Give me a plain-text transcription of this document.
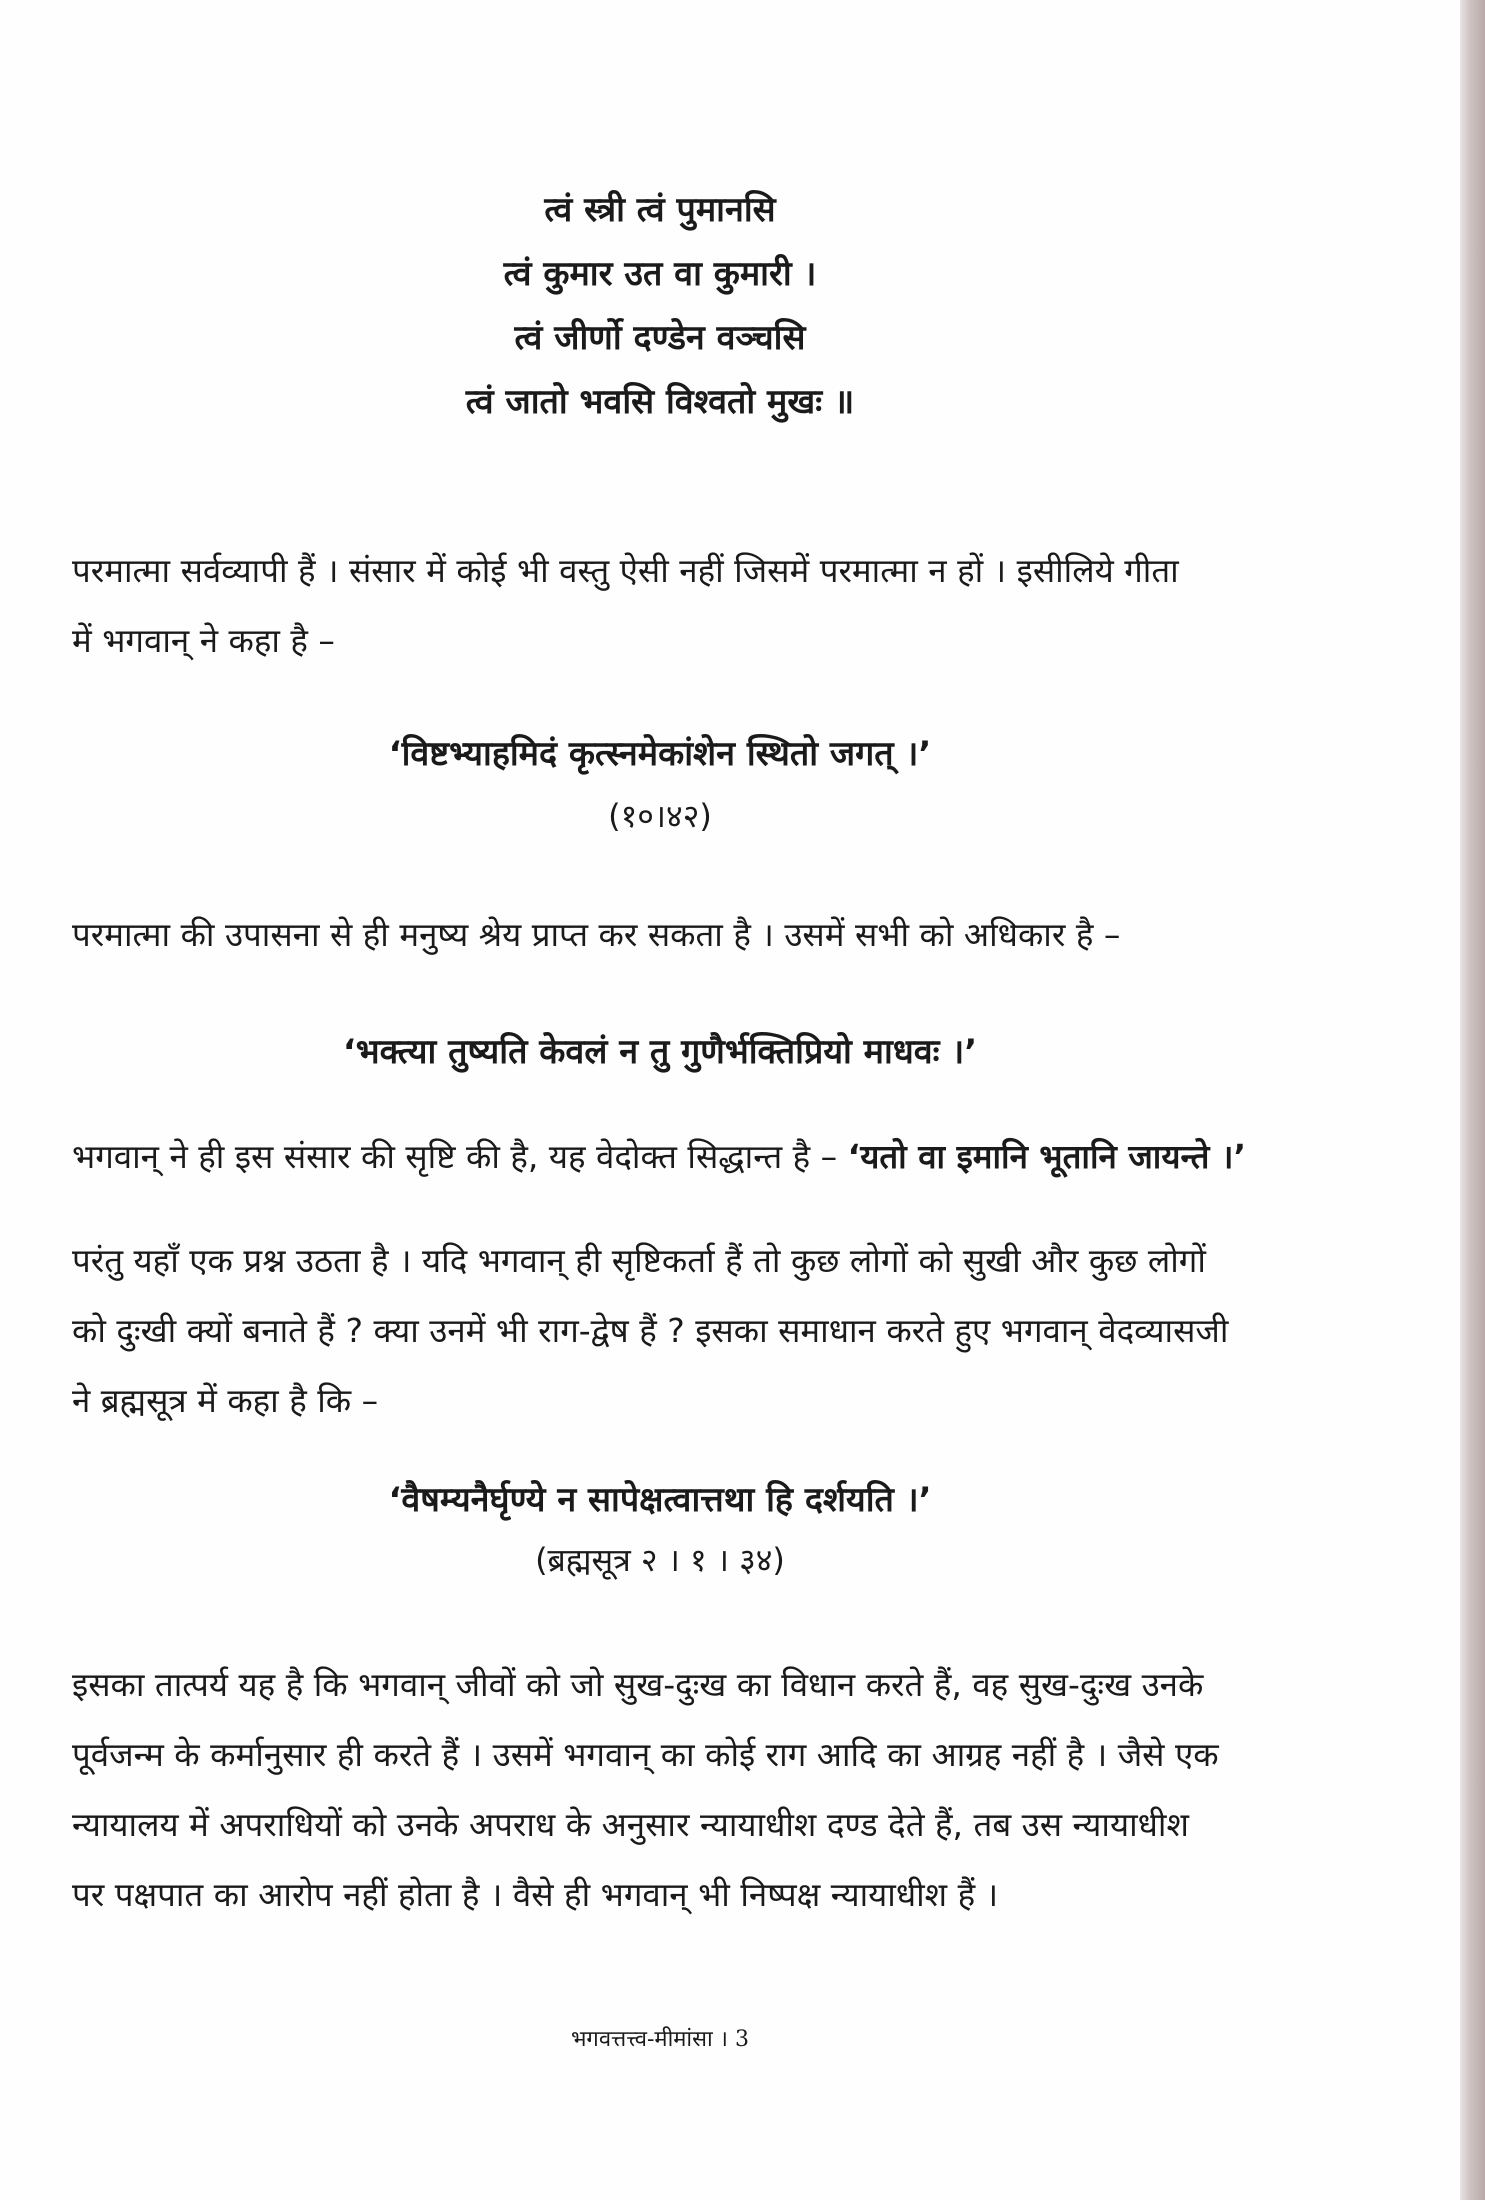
त्वं स्त्री त्वं पुमानसि
त्वं कुमार उत वा कुमारी ।
त्वं जीर्णो दण्डेन वञ्चसि
त्वं जातो भवसि विश्वतो मुखः ॥
परमात्मा सर्वव्यापी हैं । संसार में कोई भी वस्तु ऐसी नहीं जिसमें परमात्मा न हों । इसीलिये गीता
में भगवान् ने कहा है –
‘विष्टभ्याहमिदं कृत्स्नमेकांशेन स्थितो जगत् ।’
(१०।४२)
परमात्मा की उपासना से ही मनुष्य श्रेय प्राप्त कर सकता है । उसमें सभी को अधिकार है –
‘भक्त्या तुष्यति केवलं न तु गुणैर्भक्तिप्रियो माधवः ।’
भगवान् ने ही इस संसार की सृष्टि की है, यह वेदोक्त सिद्धान्त है – ‘यतो वा इमानि भूतानि जायन्ते ।’
परंतु यहाँ एक प्रश्न उठता है । यदि भगवान् ही सृष्टिकर्ता हैं तो कुछ लोगों को सुखी और कुछ लोगों
को दुःखी क्यों बनाते हैं ? क्या उनमें भी राग-द्वेष हैं ? इसका समाधान करते हुए भगवान् वेदव्यासजी
ने ब्रह्मसूत्र में कहा है कि –
‘वैषम्यनैर्घृण्ये न सापेक्षत्वात्तथा हि दर्शयति ।’
(ब्रह्मसूत्र २ । १ । ३४)
इसका तात्पर्य यह है कि भगवान् जीवों को जो सुख-दुःख का विधान करते हैं, वह सुख-दुःख उनके
पूर्वजन्म के कर्मानुसार ही करते हैं । उसमें भगवान् का कोई राग आदि का आग्रह नहीं है । जैसे एक
न्यायालय में अपराधियों को उनके अपराध के अनुसार न्यायाधीश दण्ड देते हैं, तब उस न्यायाधीश
पर पक्षपात का आरोप नहीं होता है । वैसे ही भगवान् भी निष्पक्ष न्यायाधीश हैं ।
भगवत्तत्त्व-मीमांसा । 3
